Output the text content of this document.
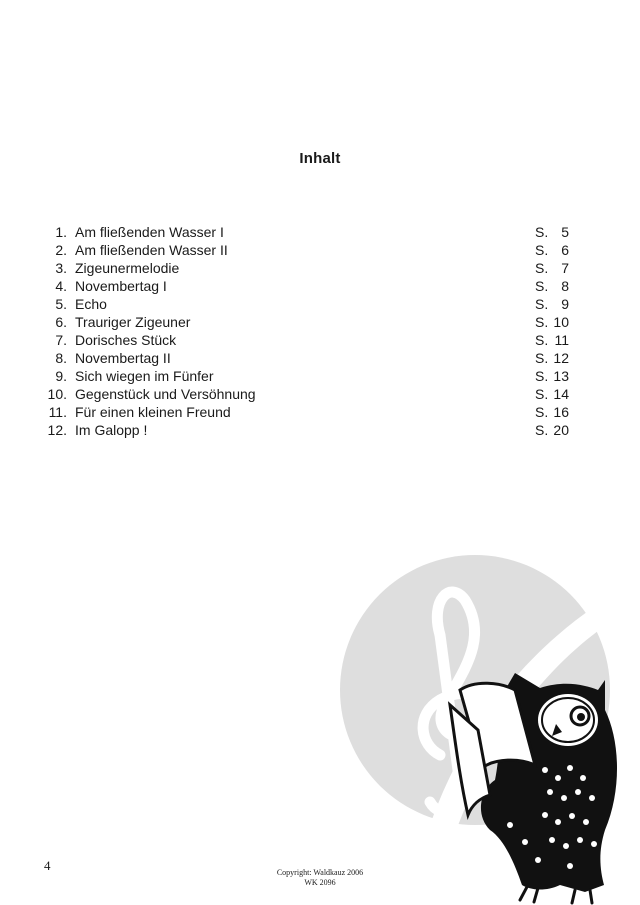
Inhalt
1. Am fließenden Wasser I	S. 5
2. Am fließenden Wasser II	S. 6
3. Zigeunermelodie	S. 7
4. Novembertag I	S. 8
5. Echo	S. 9
6. Trauriger Zigeuner	S. 10
7. Dorisches Stück	S. 11
8. Novembertag II	S. 12
9. Sich wiegen im Fünfer	S. 13
10. Gegenstück und Versöhnung	S. 14
11. Für einen kleinen Freund	S. 16
12. Im Galopp !	S. 20
4	Copyright: Waldkauz 2006
WK 2096
